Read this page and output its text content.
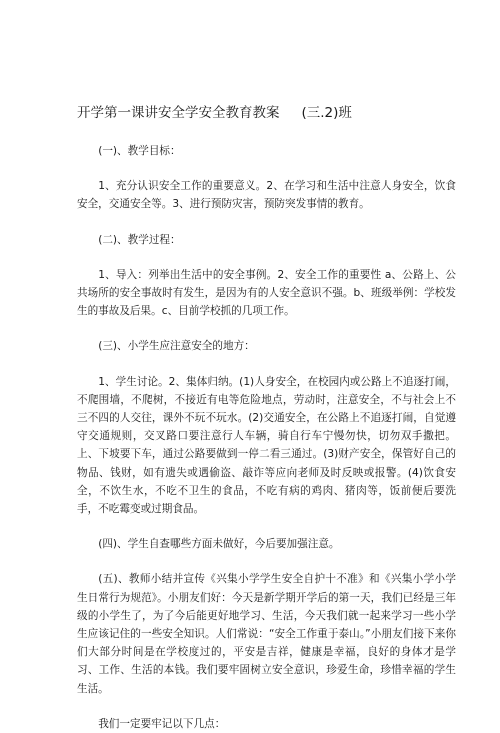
开学第一课讲安全学安全教育教案 (三.2)班

(一)、教学目标：

1、充分认识安全工作的重要意义。2、在学习和生活中注意人身安全，饮食安全，交通安全等。3、进行预防灾害，预防突发事情的教育。

(二)、教学过程：

1、导入：列举出生活中的安全事例。2、安全工作的重要性 a、公路上、公共场所的安全事故时有发生，是因为有的人安全意识不强。b、班级举例：学校发生的事故及后果。c、目前学校抓的几项工作。

(三)、小学生应注意安全的地方：

1、学生讨论。2、集体归纳。(1)人身安全，在校园内或公路上不追逐打闹，不爬围墙，不爬树，不接近有电等危险地点，劳动时，注意安全，不与社会上不三不四的人交往，课外不玩不玩水。(2)交通安全，在公路上不追逐打闹，自觉遵守交通规则，交叉路口要注意行人车辆，骑自行车宁慢勿快，切勿双手撒把。上、下坡要下车，通过公路要做到一停二看三通过。(3)财产安全，保管好自己的物品、钱财，如有遗失或遇偷盗、敲诈等应向老师及时反映或报警。(4)饮食安全，不饮生水，不吃不卫生的食品，不吃有病的鸡肉、猪肉等，饭前便后要洗手，不吃霉变或过期食品。

(四)、学生自查哪些方面未做好，今后要加强注意。

(五)、教师小结并宣传《兴集小学学生安全自护十不准》和《兴集小学小学生日常行为规范》。小朋友们好：今天是新学期开学后的第一天，我们已经是三年级的小学生了，为了今后能更好地学习、生活，今天我们就一起来学习一些小学生应该记住的一些安全知识。人们常说：“安全工作重于泰山。”小朋友们接下来你们大部分时间是在学校度过的，平安是吉祥，健康是幸福，良好的身体才是学习、工作、生活的本钱。我们要牢固树立安全意识，珍爱生命，珍惜幸福的学生生活。

我们一定要牢记以下几点：
